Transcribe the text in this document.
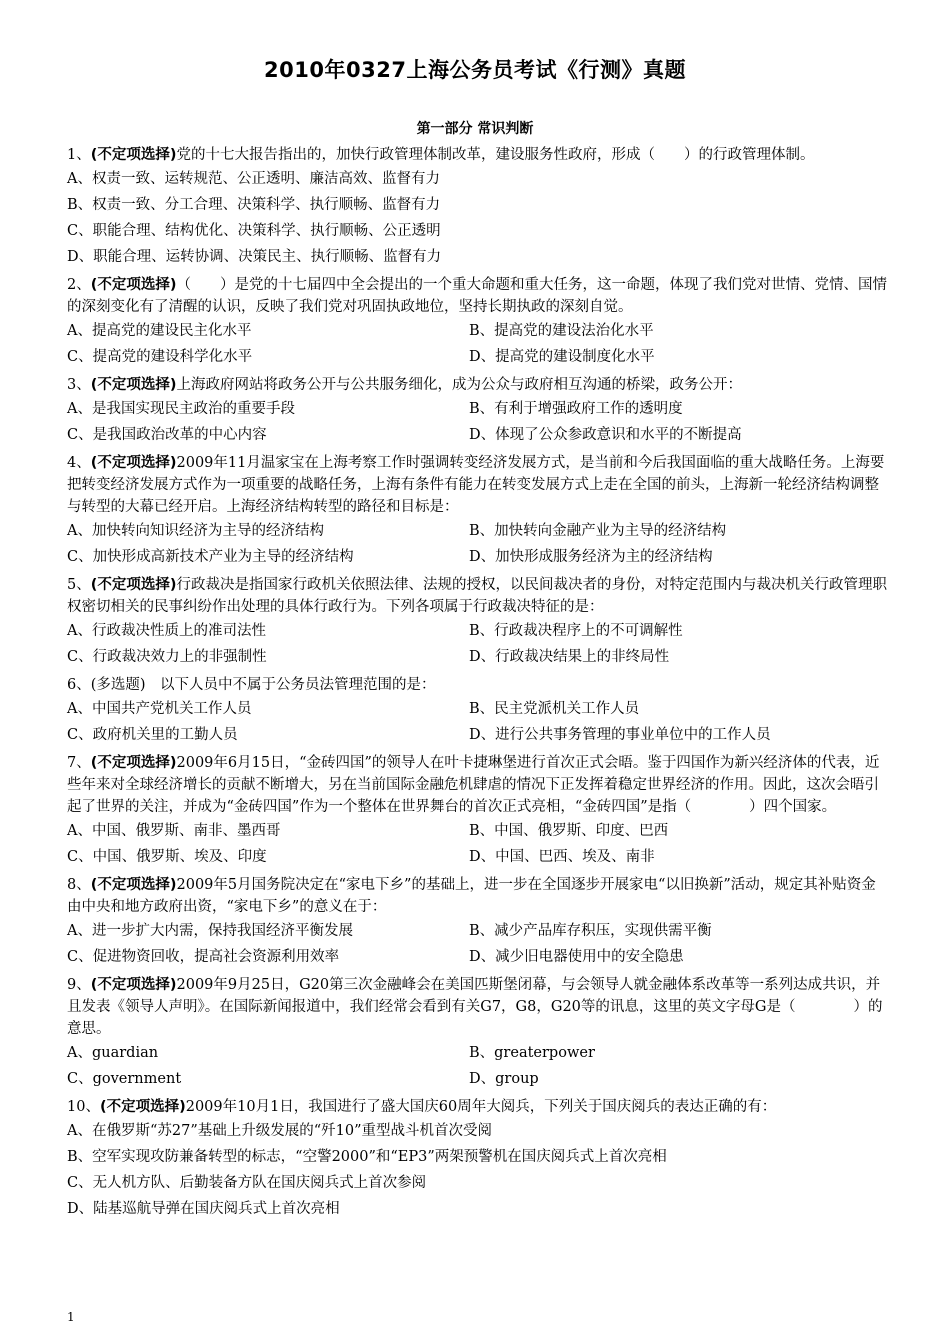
2010年0327上海公务员考试《行测》真题
第一部分 常识判断
1、(不定项选择)党的十七大报告指出的，加快行政管理体制改革，建设服务性政府，形成（　　）的行政管理体制。
A、权责一致、运转规范、公正透明、廉洁高效、监督有力
B、权责一致、分工合理、决策科学、执行顺畅、监督有力
C、职能合理、结构优化、决策科学、执行顺畅、公正透明
D、职能合理、运转协调、决策民主、执行顺畅、监督有力
2、(不定项选择)（　　）是党的十七届四中全会提出的一个重大命题和重大任务，这一命题，体现了我们党对世情、党情、国情的深刻变化有了清醒的认识，反映了我们党对巩固执政地位，坚持长期执政的深刻自觉。
A、提高党的建设民主化水平	B、提高党的建设法治化水平
C、提高党的建设科学化水平	D、提高党的建设制度化水平
3、(不定项选择)上海政府网站将政务公开与公共服务细化，成为公众与政府相互沟通的桥梁，政务公开：
A、是我国实现民主政治的重要手段	B、有利于增强政府工作的透明度
C、是我国政治改革的中心内容	D、体现了公众参政意识和水平的不断提高
4、(不定项选择)2009年11月温家宝在上海考察工作时强调转变经济发展方式，是当前和今后我国面临的重大战略任务。上海要把转变经济发展方式作为一项重要的战略任务，上海有条件有能力在转变发展方式上走在全国的前头，上海新一轮经济结构调整与转型的大幕已经开启。上海经济结构转型的路径和目标是：
A、加快转向知识经济为主导的经济结构	B、加快转向金融产业为主导的经济结构
C、加快形成高新技术产业为主导的经济结构	D、加快形成服务经济为主的经济结构
5、(不定项选择)行政裁决是指国家行政机关依照法律、法规的授权，以民间裁决者的身份，对特定范围内与裁决机关行政管理职权密切相关的民事纠纷作出处理的具体行政行为。下列各项属于行政裁决特征的是：
A、行政裁决性质上的准司法性	B、行政裁决程序上的不可调解性
C、行政裁决效力上的非强制性	D、行政裁决结果上的非终局性
6、(多选题)　以下人员中不属于公务员法管理范围的是：
A、中国共产党机关工作人员	B、民主党派机关工作人员
C、政府机关里的工勤人员	D、进行公共事务管理的事业单位中的工作人员
7、(不定项选择)2009年6月15日，“金砖四国”的领导人在叶卡捷琳堡进行首次正式会晤。鉴于四国作为新兴经济体的代表，近些年来对全球经济增长的贡献不断增大，另在当前国际金融危机肆虐的情况下正发挥着稳定世界经济的作用。因此，这次会晤引起了世界的关注，并成为“金砖四国”作为一个整体在世界舞台的首次正式亮相，“金砖四国”是指（　　　　）四个国家。
A、中国、俄罗斯、南非、墨西哥	B、中国、俄罗斯、印度、巴西
C、中国、俄罗斯、埃及、印度	D、中国、巴西、埃及、南非
8、(不定项选择)2009年5月国务院决定在“家电下乡”的基础上，进一步在全国逐步开展家电“以旧换新”活动，规定其补贴资金由中央和地方政府出资，“家电下乡”的意义在于：
A、进一步扩大内需，保持我国经济平衡发展	B、减少产品库存积压，实现供需平衡
C、促进物资回收，提高社会资源利用效率	D、减少旧电器使用中的安全隐患
9、(不定项选择)2009年9月25日，G20第三次金融峰会在美国匹斯堡闭幕，与会领导人就金融体系改革等一系列达成共识，并且发表《领导人声明》。在国际新闻报道中，我们经常会看到有关G7，G8，G20等的讯息，这里的英文字母G是（　　　　）的意思。
A、guardian	B、greaterpower
C、government	D、group
10、(不定项选择)2009年10月1日，我国进行了盛大国庆60周年大阅兵，下列关于国庆阅兵的表达正确的有：
A、在俄罗斯“苏27”基础上升级发展的“歼10”重型战斗机首次受阅
B、空军实现攻防兼备转型的标志，“空警2000”和“EP3”两架预警机在国庆阅兵式上首次亮相
C、无人机方队、后勤装备方队在国庆阅兵式上首次参阅
D、陆基巡航导弹在国庆阅兵式上首次亮相
1
